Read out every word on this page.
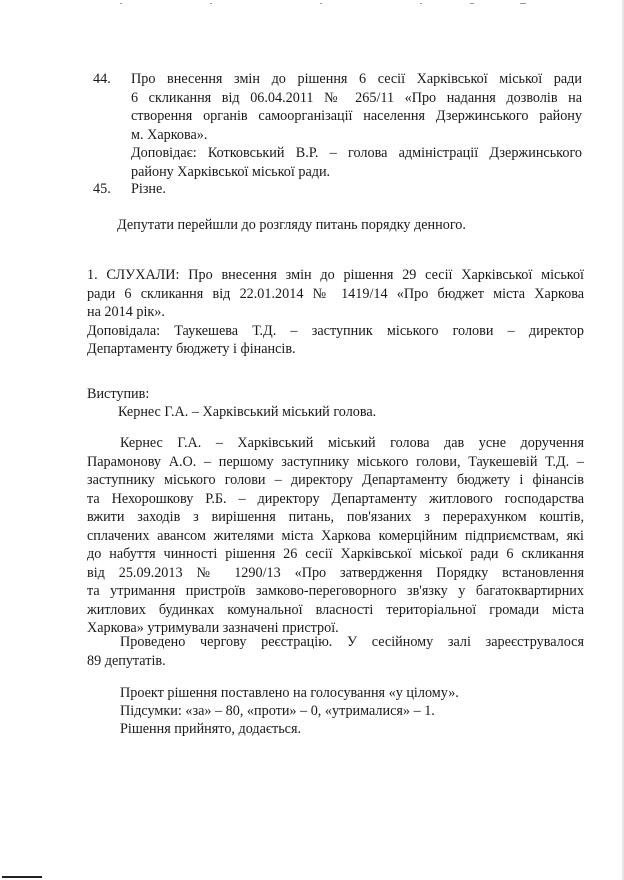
44. Про внесення змін до рішення 6 сесії Харківської міської ради
6 скликання від 06.04.2011 № 265/11 «Про надання дозволів на
створення органів самоорганізації населення Дзержинського району
м. Харкова».
Доповідає: Котковський В.Р. – голова адміністрації Дзержинського
району Харківської міської ради.
45. Різне.
Депутати перейшли до розгляду питань порядку денного.
1. СЛУХАЛИ: Про внесення змін до рішення 29 сесії Харківської міської
ради 6 скликання від 22.01.2014 № 1419/14 «Про бюджет міста Харкова
на 2014 рік».
Доповідала: Таукешева Т.Д. – заступник міського голови – директор
Департаменту бюджету і фінансів.
Виступив:
Кернес Г.А. – Харківський міський голова.
Кернес Г.А. – Харківський міський голова дав усне доручення
Парамонову А.О. – першому заступнику міського голови, Таукешевій Т.Д. –
заступнику міського голови – директору Департаменту бюджету і фінансів
та Нехорошкову Р.Б. – директору Департаменту житлового господарства
вжити заходів з вирішення питань, пов'язаних з перерахунком коштів,
сплачених авансом жителями міста Харкова комерційним підприємствам, які
до набуття чинності рішення 26 сесії Харківської міської ради 6 скликання
від 25.09.2013 № 1290/13 «Про затвердження Порядку встановлення
та утримання пристроїв замково-переговорного зв'язку у багатоквартирних
житлових будинках комунальної власності територіальної громади міста
Харкова» утримували зазначені пристрої.
Проведено чергову реєстрацію. У сесійному залі зареєструвалося
89 депутатів.
Проект рішення поставлено на голосування «у цілому».
Підсумки: «за» – 80, «проти» – 0, «утрималися» – 1.
Рішення прийнято, додається.
